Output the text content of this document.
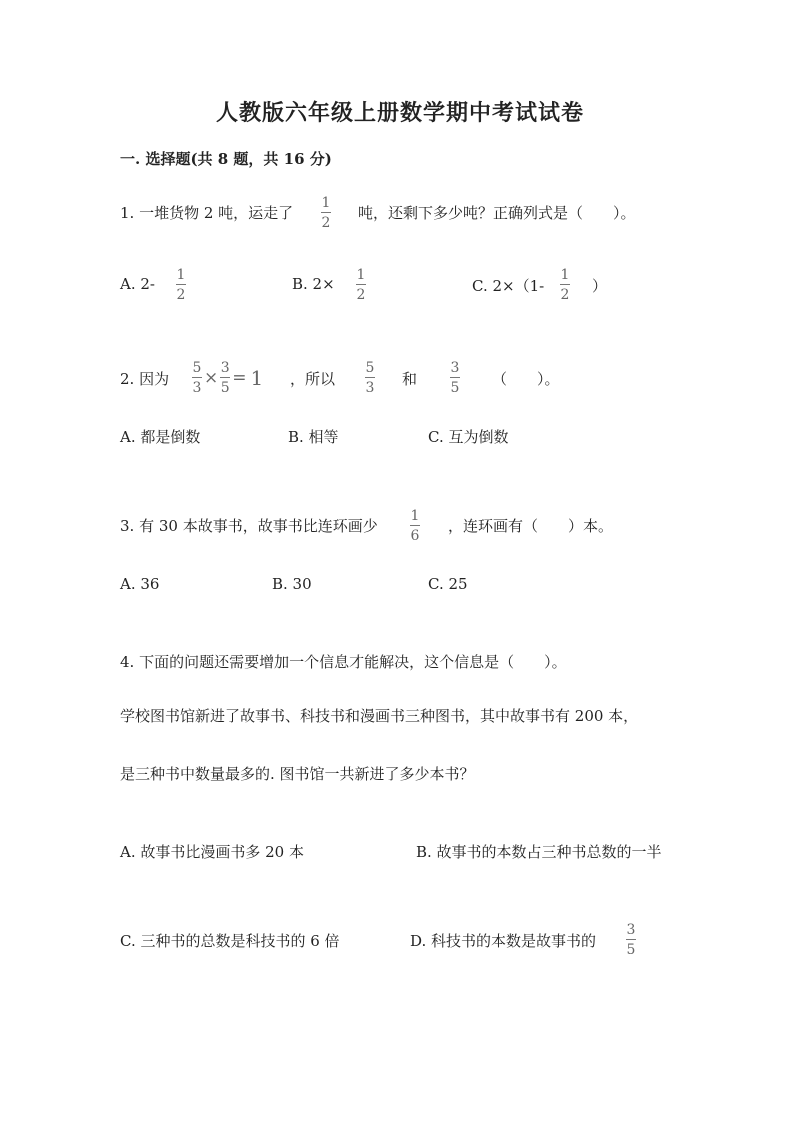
人教版六年级上册数学期中考试试卷
一. 选择题(共 8 题，共 16 分)
1. 一堆货物 2 吨，运走了
1
2
吨，还剩下多少吨？正确列式是（　　）。
A. 2- 1
2
B. 2× 1
2	C. 2×（1-
1
2 ）
2. 因为 $\frac{5}{3} \times \frac{3}{5} = 1$ ，所以
5
3 和
3
5 （　　）。
A. 都是倒数	B. 相等	C. 互为倒数
3. 有 30 本故事书，故事书比连环画少
1
6
，连环画有（　　）本。
A. 36	B. 30	C. 25
4. 下面的问题还需要增加一个信息才能解决，这个信息是（　　）。
学校图书馆新进了故事书、科技书和漫画书三种图书，其中故事书有 200 本，
是三种书中数量最多的. 图书馆一共新进了多少本书？
A. 故事书比漫画书多 20 本	B. 故事书的本数占三种书总数的一半
C. 三种书的总数是科技书的 6 倍	D. 科技书的本数是故事书的
3
5
